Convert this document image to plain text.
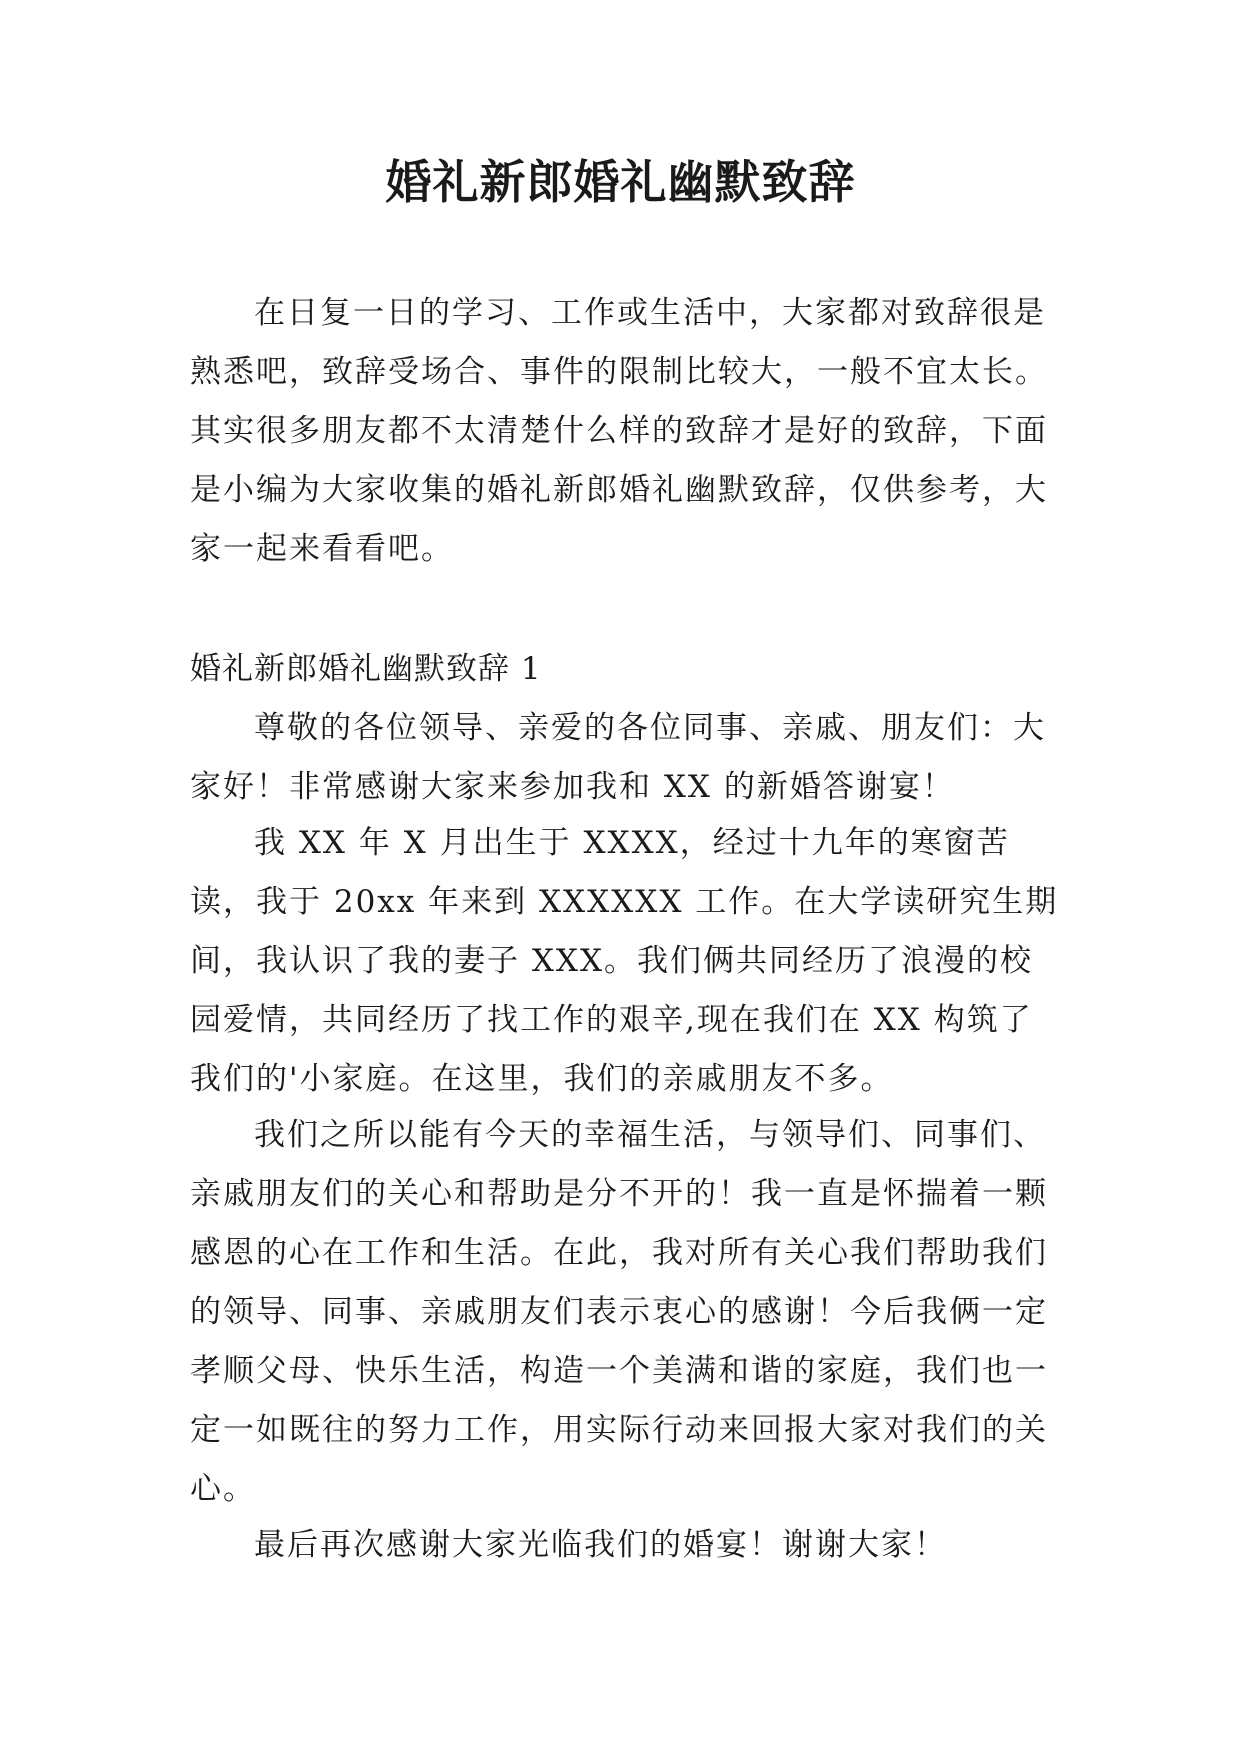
婚礼新郎婚礼幽默致辞

在日复一日的学习、工作或生活中，大家都对致辞很是熟悉吧，致辞受场合、事件的限制比较大，一般不宜太长。其实很多朋友都不太清楚什么样的致辞才是好的致辞，下面是小编为大家收集的婚礼新郎婚礼幽默致辞，仅供参考，大家一起来看看吧。

婚礼新郎婚礼幽默致辞 1

尊敬的各位领导、亲爱的各位同事、亲戚、朋友们：大家好！非常感谢大家来参加我和 XX 的新婚答谢宴！

我 XX 年 X 月出生于 XXXX，经过十九年的寒窗苦读，我于 20xx 年来到 XXXXXX 工作。在大学读研究生期间，我认识了我的妻子 XXX。我们俩共同经历了浪漫的校园爱情，共同经历了找工作的艰辛,现在我们在 XX 构筑了我们的'小家庭。在这里，我们的亲戚朋友不多。

我们之所以能有今天的幸福生活，与领导们、同事们、亲戚朋友们的关心和帮助是分不开的！我一直是怀揣着一颗感恩的心在工作和生活。在此，我对所有关心我们帮助我们的领导、同事、亲戚朋友们表示衷心的感谢！今后我俩一定孝顺父母、快乐生活，构造一个美满和谐的家庭，我们也一定一如既往的努力工作，用实际行动来回报大家对我们的关心。

最后再次感谢大家光临我们的婚宴！谢谢大家！
